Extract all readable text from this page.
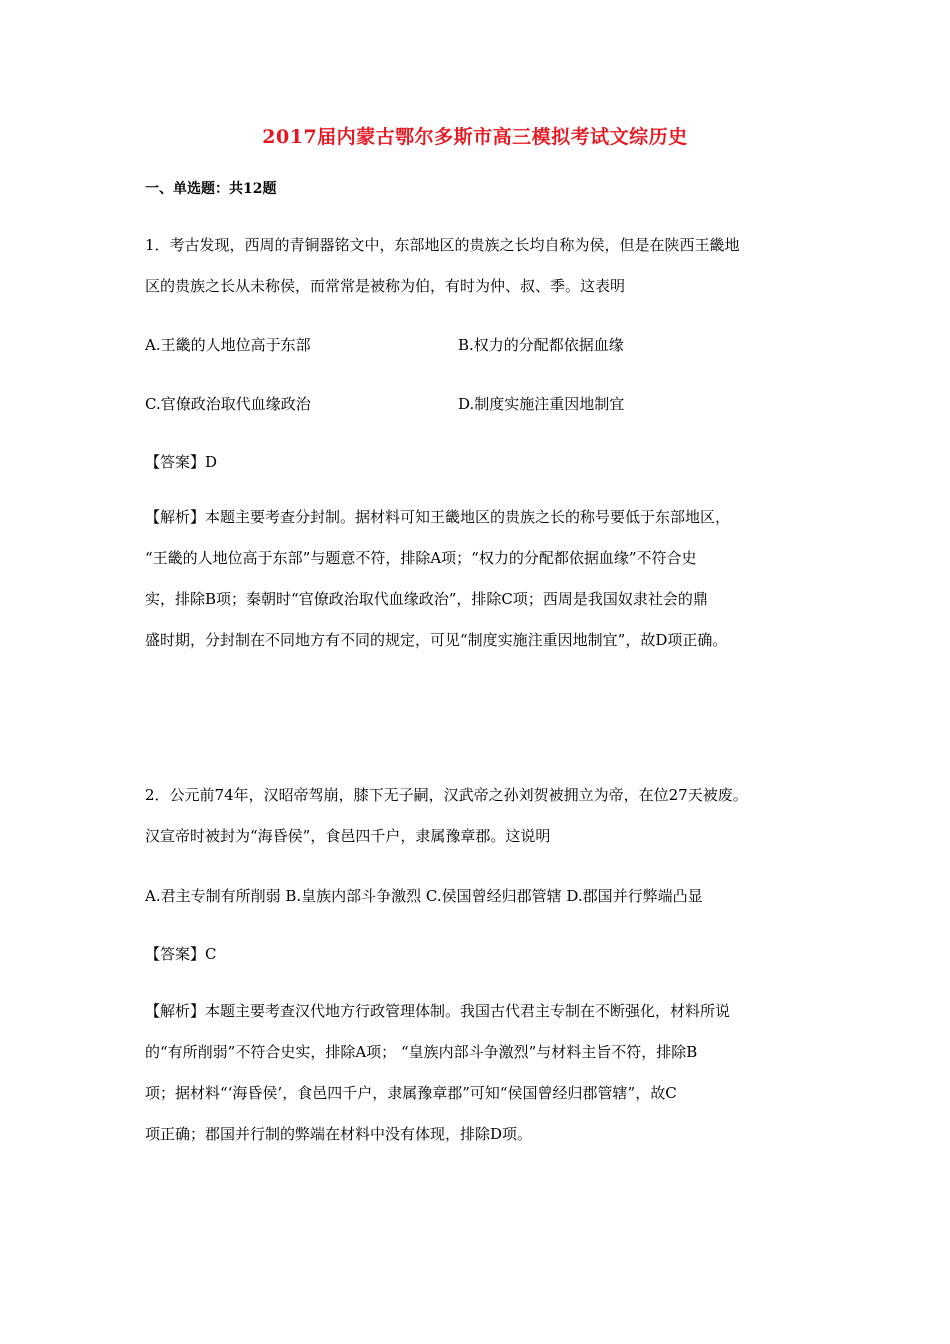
2017届内蒙古鄂尔多斯市高三模拟考试文综历史
一、单选题：共12题
1．考古发现，西周的青铜器铭文中，东部地区的贵族之长均自称为侯，但是在陕西王畿地
区的贵族之长从未称侯，而常常是被称为伯，有时为仲、叔、季。这表明
A.王畿的人地位高于东部	B.权力的分配都依据血缘
C.官僚政治取代血缘政治	D.制度实施注重因地制宜
【答案】D
【解析】本题主要考查分封制。据材料可知王畿地区的贵族之长的称号要低于东部地区，
“王畿的人地位高于东部”与题意不符，排除A项；“权力的分配都依据血缘”不符合史
实，排除B项；秦朝时“官僚政治取代血缘政治”，排除C项；西周是我国奴隶社会的鼎
盛时期，分封制在不同地方有不同的规定，可见“制度实施注重因地制宜”，故D项正确。
2．公元前74年，汉昭帝驾崩，膝下无子嗣，汉武帝之孙刘贺被拥立为帝，在位27天被废。
汉宣帝时被封为“海昏侯”，食邑四千户，隶属豫章郡。这说明
A.君主专制有所削弱 B.皇族内部斗争激烈 C.侯国曾经归郡管辖 D.郡国并行弊端凸显
【答案】C
【解析】本题主要考查汉代地方行政管理体制。我国古代君主专制在不断强化，材料所说
的“有所削弱”不符合史实，排除A项； “皇族内部斗争激烈”与材料主旨不符，排除B
项；据材料“‘海昏侯’，食邑四千户，隶属豫章郡”可知“侯国曾经归郡管辖”，故C
项正确；郡国并行制的弊端在材料中没有体现，排除D项。
